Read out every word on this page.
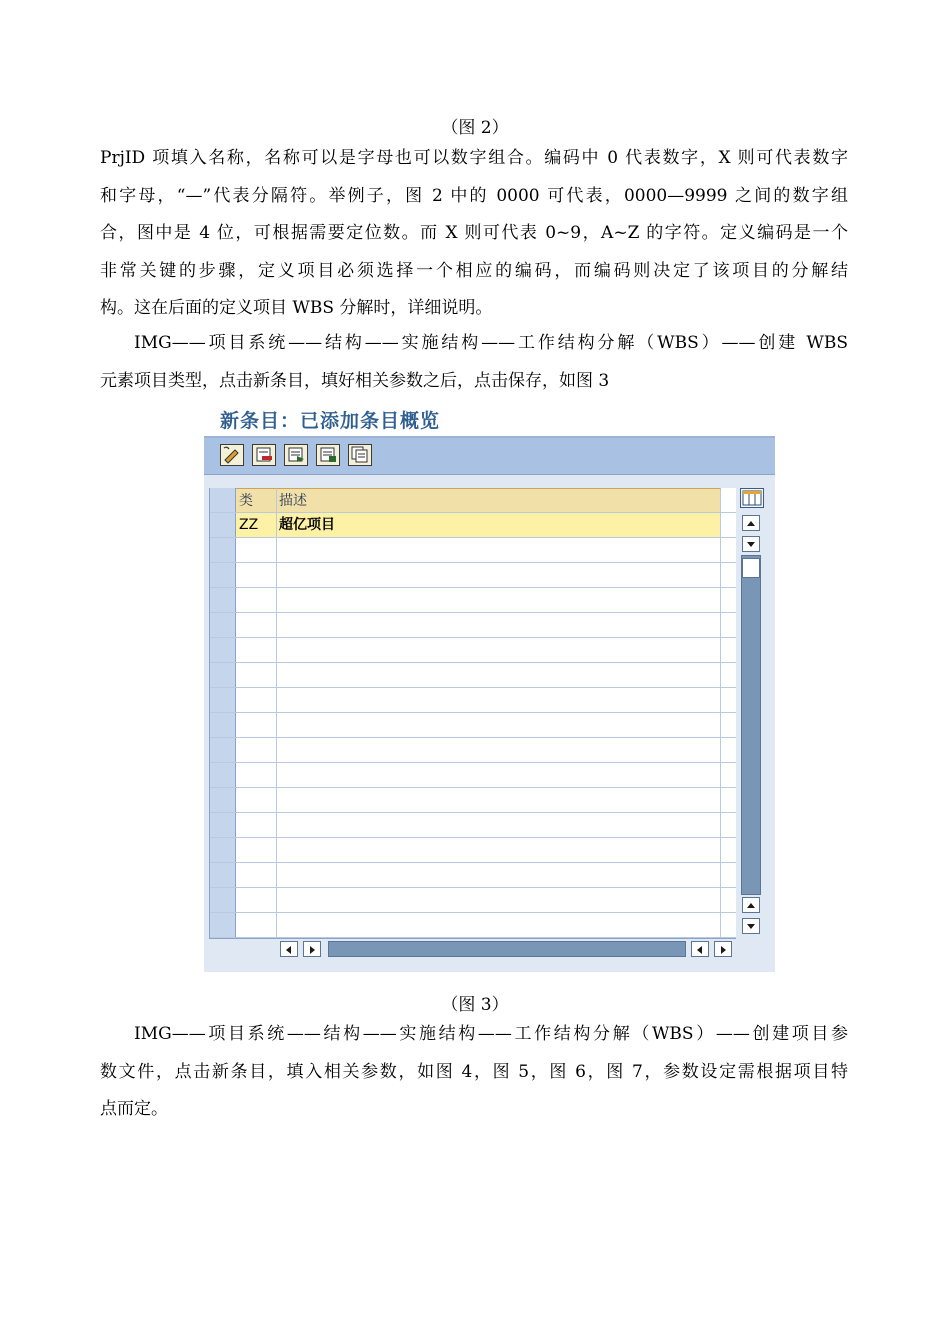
（图 2）
PrjID 项填入名称，名称可以是字母也可以数字组合。编码中 0 代表数字，X 则可代表数字
和字母，“—”代表分隔符。举例子，图 2 中的 0000 可代表，0000—9999 之间的数字组
合，图中是 4 位，可根据需要定位数。而 X 则可代表 0~9，A~Z 的字符。定义编码是一个
非常关键的步骤，定义项目必须选择一个相应的编码，而编码则决定了该项目的分解结
构。这在后面的定义项目 WBS 分解时，详细说明。
IMG——项目系统——结构——实施结构——工作结构分解（WBS）——创建 WBS
元素项目类型，点击新条目，填好相关参数之后，点击保存，如图 3
新条目：已添加条目概览
类	描述
ZZ	超亿项目
（图 3）
IMG——项目系统——结构——实施结构——工作结构分解（WBS）——创建项目参
数文件，点击新条目，填入相关参数，如图 4，图 5，图 6，图 7，参数设定需根据项目特
点而定。
